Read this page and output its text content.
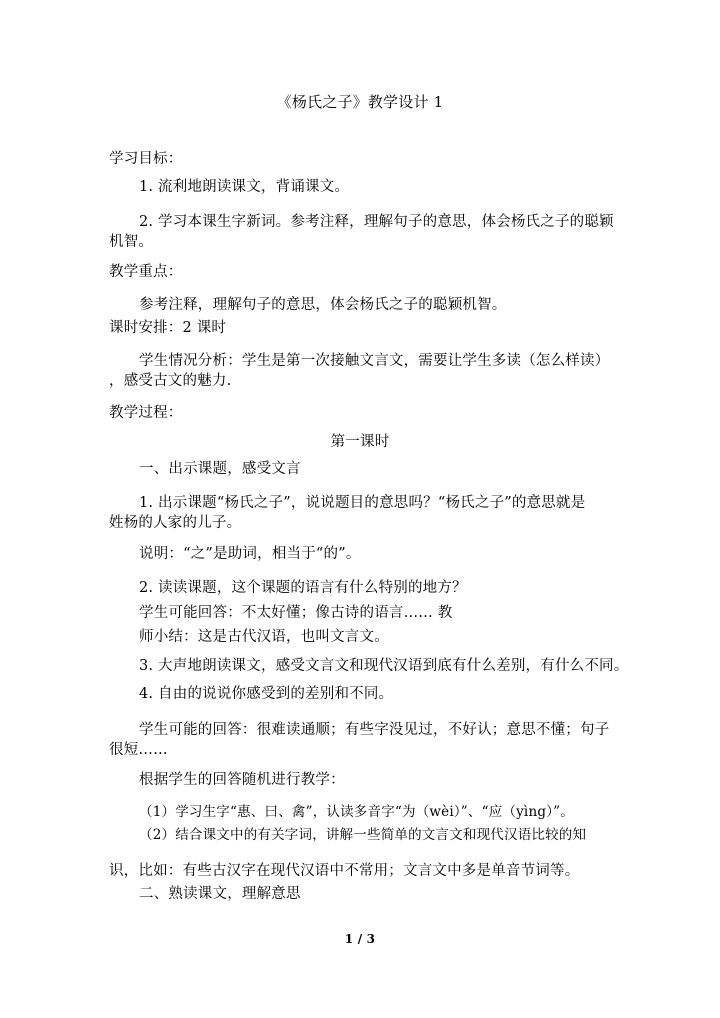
《杨氏之子》教学设计 1
学习目标：
1. 流利地朗读课文，背诵课文。
2. 学习本课生字新词。参考注释，理解句子的意思，体会杨氏之子的聪颖
机智。
教学重点：
参考注释，理解句子的意思，体会杨氏之子的聪颖机智。
课时安排：2 课时
学生情况分析：学生是第一次接触文言文，需要让学生多读（怎么样读）
，感受古文的魅力.
教学过程：
第一课时
一、出示课题，感受文言
1. 出示课题“杨氏之子”，说说题目的意思吗？“杨氏之子”的意思就是
姓杨的人家的儿子。
说明：“之”是助词，相当于“的”。
2. 读读课题，这个课题的语言有什么特别的地方？
学生可能回答：不太好懂；像古诗的语言…… 教
师小结：这是古代汉语，也叫文言文。
3. 大声地朗读课文，感受文言文和现代汉语到底有什么差别，有什么不同。
4. 自由的说说你感受到的差别和不同。
学生可能的回答：很难读通顺；有些字没见过，不好认；意思不懂；句子
很短……
根据学生的回答随机进行教学：
（1）学习生字“惠、曰、禽”，认读多音字“为（wèi）”、“应（yìng）”。
（2）结合课文中的有关字词，讲解一些简单的文言文和现代汉语比较的知
识，比如：有些古汉字在现代汉语中不常用；文言文中多是单音节词等。
二、熟读课文，理解意思
1 / 3
